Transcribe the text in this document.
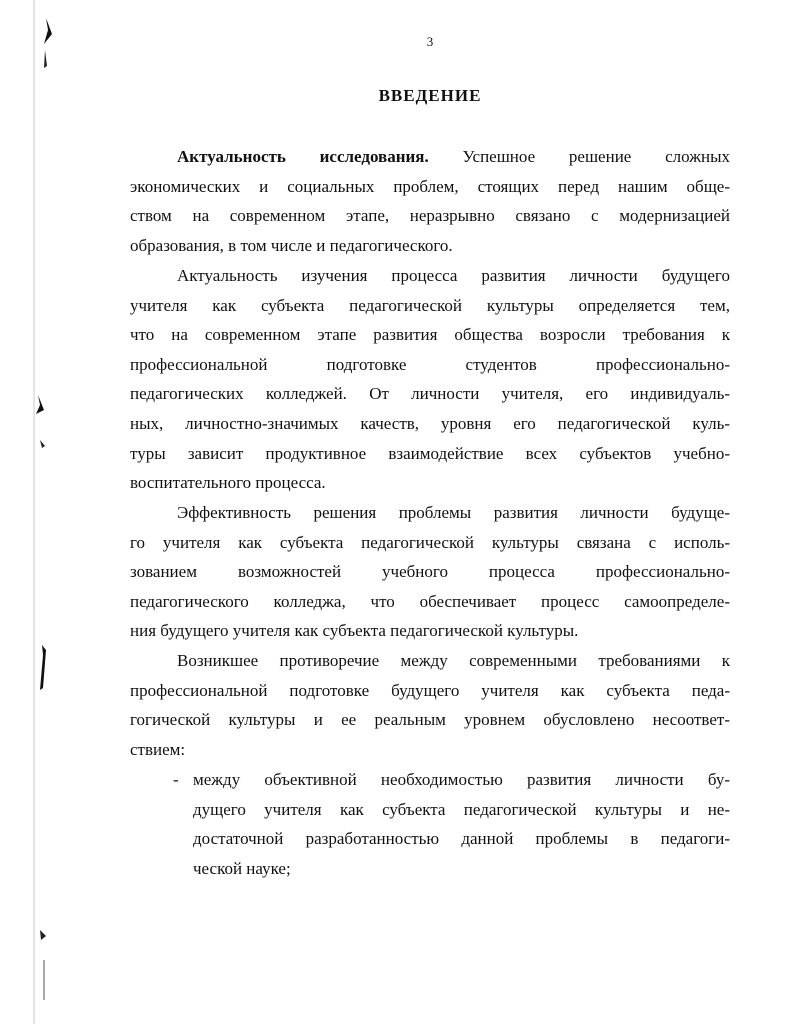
3
ВВЕДЕНИЕ
Актуальность исследования. Успешное решение сложных
экономических и социальных проблем, стоящих перед нашим обще-
ством на современном этапе, неразрывно связано с модернизацией
образования, в том числе и педагогического.
Актуальность изучения процесса развития личности будущего
учителя как субъекта педагогической культуры определяется тем,
что на современном этапе развития общества возросли требования к
профессиональной подготовке студентов профессионально-
педагогических колледжей. От личности учителя, его индивидуаль-
ных, личностно-значимых качеств, уровня его педагогической куль-
туры зависит продуктивное взаимодействие всех субъектов учебно-
воспитательного процесса.
Эффективность решения проблемы развития личности будуще-
го учителя как субъекта педагогической культуры связана с исполь-
зованием возможностей учебного процесса профессионально-
педагогического колледжа, что обеспечивает процесс самоопределе-
ния будущего учителя как субъекта педагогической культуры.
Возникшее противоречие между современными требованиями к
профессиональной подготовке будущего учителя как субъекта педа-
гогической культуры и ее реальным уровнем обусловлено несоответ-
ствием:
- между объективной необходимостью развития личности бу-
дущего учителя как субъекта педагогической культуры и не-
достаточной разработанностью данной проблемы в педагоги-
ческой науке;
